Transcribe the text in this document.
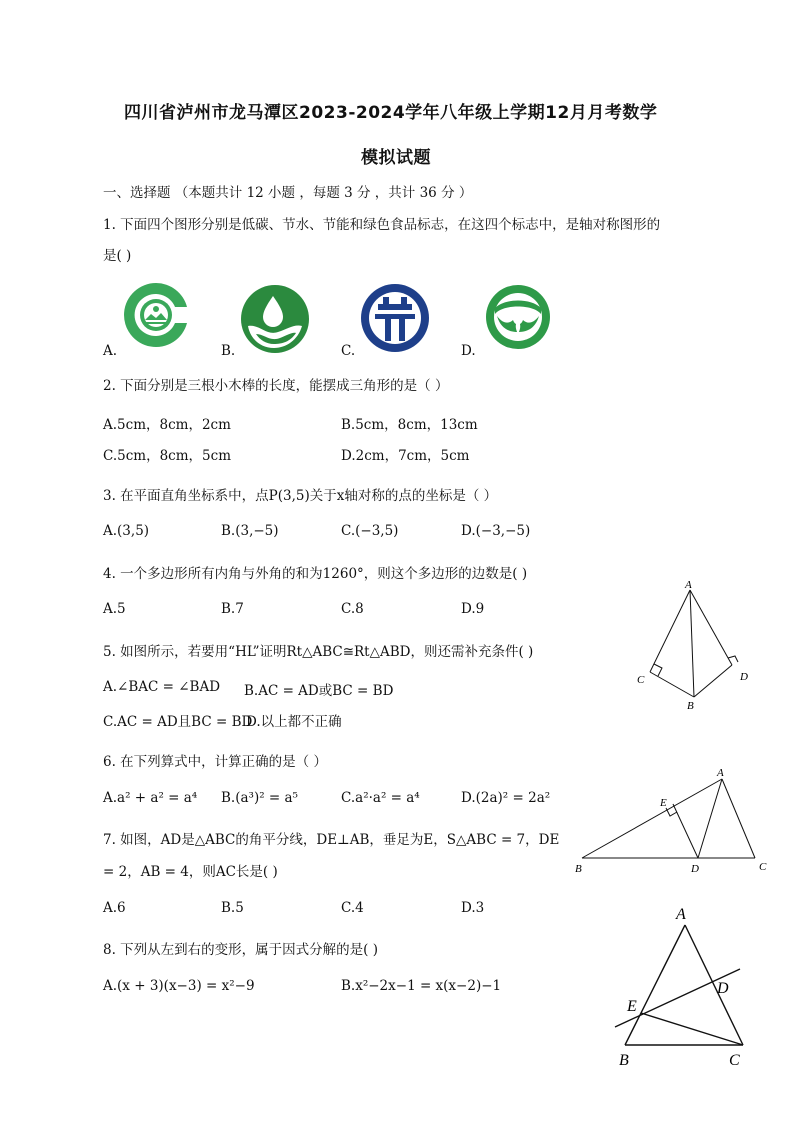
四川省泸州市龙马潭区2023-2024学年八年级上学期12月月考数学
模拟试题
一、选择题 （本题共计 12 小题 ，每题 3 分 ，共计 36 分 ）
1. 下面四个图形分别是低碳、节水、节能和绿色食品标志，在这四个标志中，是轴对称图形的
是( )
A.	B.	C.	D.
2. 下面分别是三根小木棒的长度，能摆成三角形的是（ ）
A.5cm，8cm，2cm	B.5cm，8cm，13cm
C.5cm，8cm，5cm	D.2cm，7cm，5cm
3. 在平面直角坐标系中，点P(3,5)关于x轴对称的点的坐标是（ ）
A.(3,5)	B.(3,−5)	C.(−3,5)	D.(−3,−5)
4. 一个多边形所有内角与外角的和为1260°，则这个多边形的边数是( )
A.5	B.7	C.8	D.9
A
C	D
B
5. 如图所示，若要用“HL”证明Rt△ABC≅Rt△ABD，则还需补充条件( )
A.∠BAC = ∠BAD B.AC = AD或BC = BD
C.AC = AD且BC = BD
D.以上都不正确
6. 在下列算式中，计算正确的是（ ）
A.a² + a² = a⁴ B.(a³)² = a⁵	C.a²·a² = a⁴	D.(2a)² = 2a²
A
E
B	D	C
7. 如图，AD是△ABC的角平分线，DE⊥AB，垂足为E，S△ABC = 7，DE
= 2，AB = 4，则AC长是( )
A.6	B.5	C.4	D.3	A
E
D
B	C
8. 下列从左到右的变形，属于因式分解的是( )
A.(x + 3)(x−3) = x²−9	B.x²−2x−1 = x(x−2)−1
